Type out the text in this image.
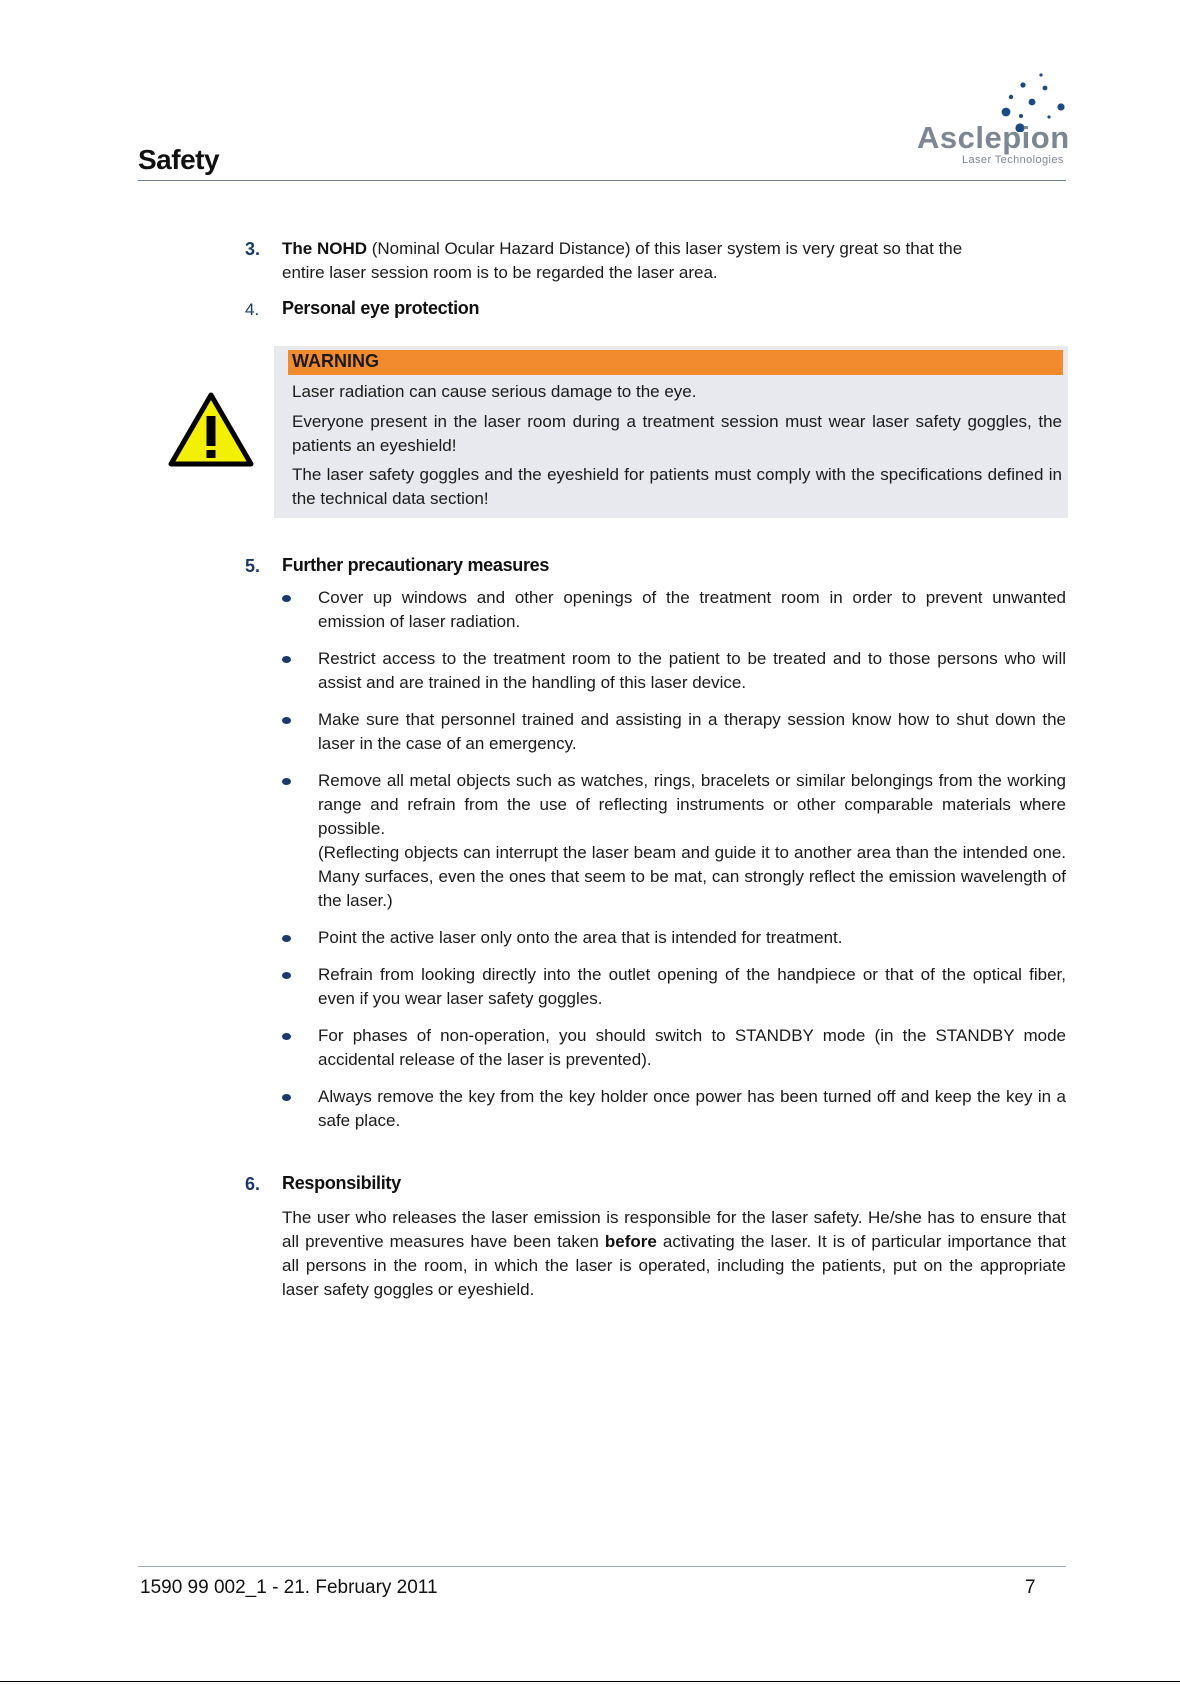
Safety
Asclepion
Laser Technologies
3. The NOHD (Nominal Ocular Hazard Distance) of this laser system is very great so that the
entire laser session room is to be regarded the laser area.
4. Personal eye protection
WARNING
Laser radiation can cause serious damage to the eye.
Everyone present in the laser room during a treatment session must wear laser safety goggles, the patients an eyeshield!
The laser safety goggles and the eyeshield for patients must comply with the specifications defined in the technical data section!
5. Further precautionary measures
Cover up windows and other openings of the treatment room in order to prevent unwanted emission of laser radiation.
Restrict access to the treatment room to the patient to be treated and to those persons who will assist and are trained in the handling of this laser device.
Make sure that personnel trained and assisting in a therapy session know how to shut down the laser in the case of an emergency.
Remove all metal objects such as watches, rings, bracelets or similar belongings from the working range and refrain from the use of reflecting instruments or other comparable materials where possible.
(Reflecting objects can interrupt the laser beam and guide it to another area than the intended one. Many surfaces, even the ones that seem to be mat, can strongly reflect the emission wavelength of the laser.)
Point the active laser only onto the area that is intended for treatment.
Refrain from looking directly into the outlet opening of the handpiece or that of the optical fiber, even if you wear laser safety goggles.
For phases of non-operation, you should switch to STANDBY mode (in the STANDBY mode accidental release of the laser is prevented).
Always remove the key from the key holder once power has been turned off and keep the key in a safe place.
6. Responsibility
The user who releases the laser emission is responsible for the laser safety. He/she has to ensure that all preventive measures have been taken before activating the laser. It is of particular importance that all persons in the room, in which the laser is operated, including the patients, put on the appropriate laser safety goggles or eyeshield.
1590 99 002_1 - 21. February 2011	7
